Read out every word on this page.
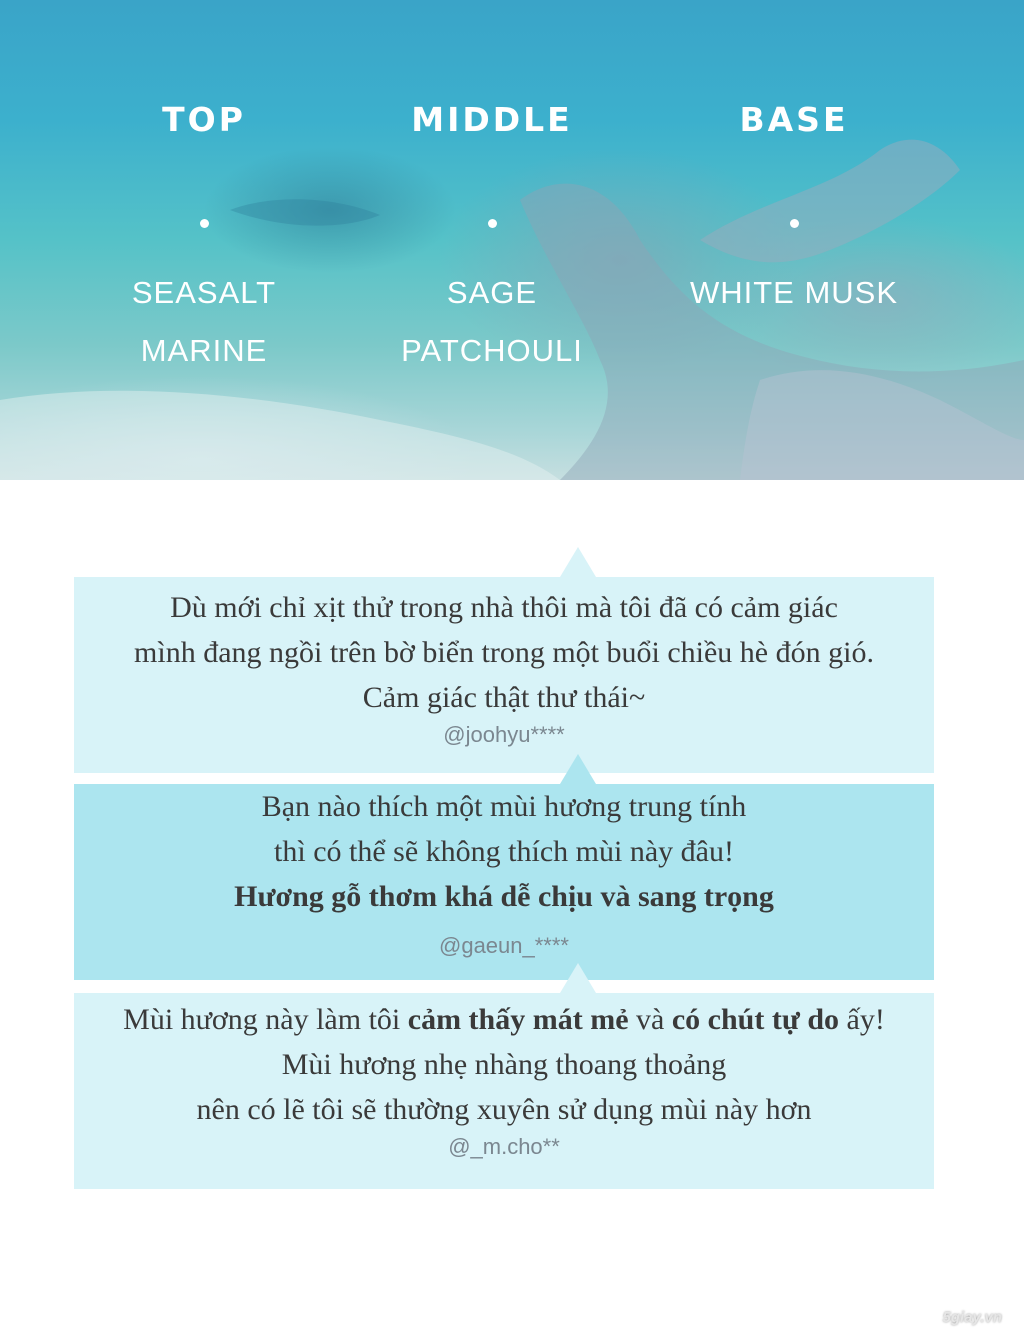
TOP
SEASALT
MARINE
MIDDLE
SAGE
PATCHOULI
BASE
WHITE MUSK
Dù mới chỉ xịt thử trong nhà thôi mà tôi đã có cảm giác
mình đang ngồi trên bờ biển trong một buổi chiều hè đón gió.
Cảm giác thật thư thái~
@joohyu****
Bạn nào thích một mùi hương trung tính
thì có thể sẽ không thích mùi này đâu!
Hương gỗ thơm khá dễ chịu và sang trọng
@gaeun_****
Mùi hương này làm tôi cảm thấy mát mẻ và có chút tự do ấy!
Mùi hương nhẹ nhàng thoang thoảng
nên có lẽ tôi sẽ thường xuyên sử dụng mùi này hơn
@_m.cho**
5giay.vn
